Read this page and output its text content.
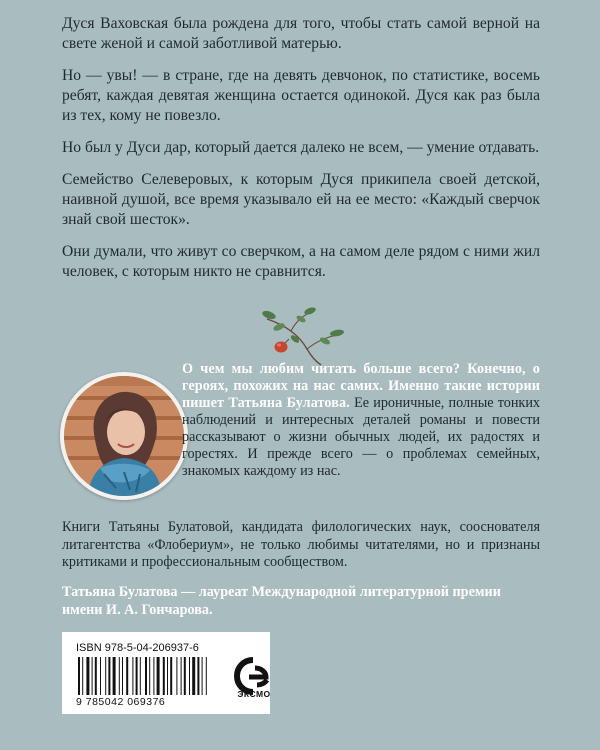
Дуся Ваховская была рождена для того, чтобы стать самой верной на свете женой и самой заботливой матерью.

Но — увы! — в стране, где на девять девчонок, по статистике, восемь ребят, каждая девятая женщина остается одинокой. Дуся как раз была из тех, кому не повезло.

Но был у Дуси дар, который дается далеко не всем, — умение отдавать.

Семейство Селеверовых, к которым Дуся прикипела своей детской, наивной душой, все время указывало ей на ее место: «Каждый сверчок знай свой шесток».

Они думали, что живут со сверчком, а на самом деле рядом с ними жил человек, с которым никто не сравнится.

О чем мы любим читать больше всего? Конечно, о героях, похожих на нас самих. Именно такие истории пишет Татьяна Булатова. Ее ироничные, полные тонких наблюдений и интересных деталей романы и повести рассказывают о жизни обычных людей, их радостях и горестях. И прежде всего — о проблемах семейных, знакомых каждому из нас.
Книги Татьяны Булатовой, кандидата филологических наук, сооснователя литагентства «Флобериум», не только любимы читателями, но и признаны критиками и профессиональным сообществом.
Татьяна Булатова — лауреат Международной литературной премии имени И. А. Гончарова.
ISBN 978-5-04-206937-6
9 785042 069376
ЭКСМО
